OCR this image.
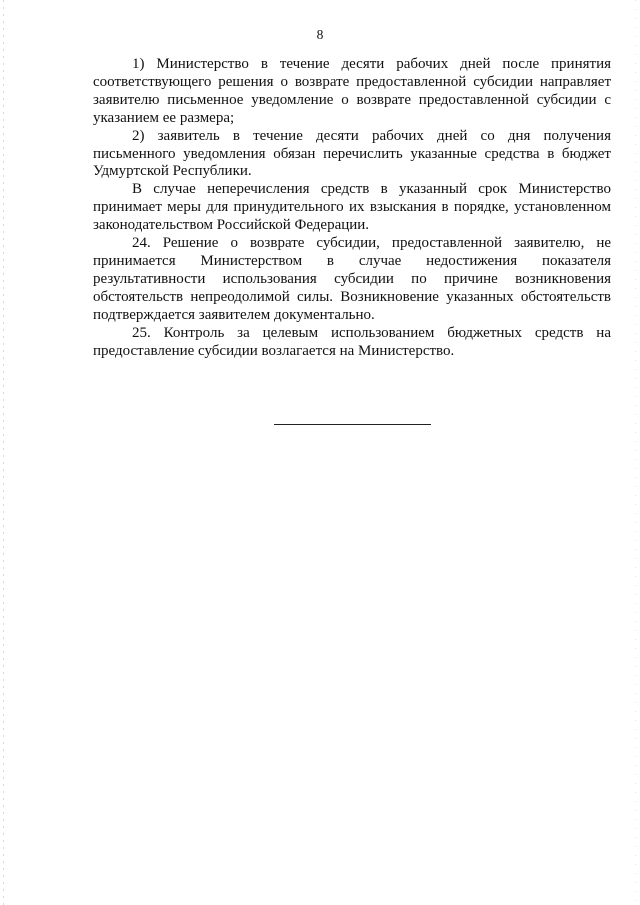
8

1) Министерство в течение десяти рабочих дней после принятия соответствующего решения о возврате предоставленной субсидии направляет заявителю письменное уведомление о возврате предоставленной субсидии с указанием ее размера;

2) заявитель в течение десяти рабочих дней со дня получения письменного уведомления обязан перечислить указанные средства в бюджет Удмуртской Республики.

В случае неперечисления средств в указанный срок Министерство принимает меры для принудительного их взыскания в порядке, установленном законодательством Российской Федерации.

24. Решение о возврате субсидии, предоставленной заявителю, не принимается Министерством в случае недостижения показателя результативности использования субсидии по причине возникновения обстоятельств непреодолимой силы. Возникновение указанных обстоятельств подтверждается заявителем документально.

25. Контроль за целевым использованием бюджетных средств на предоставление субсидии возлагается на Министерство.
